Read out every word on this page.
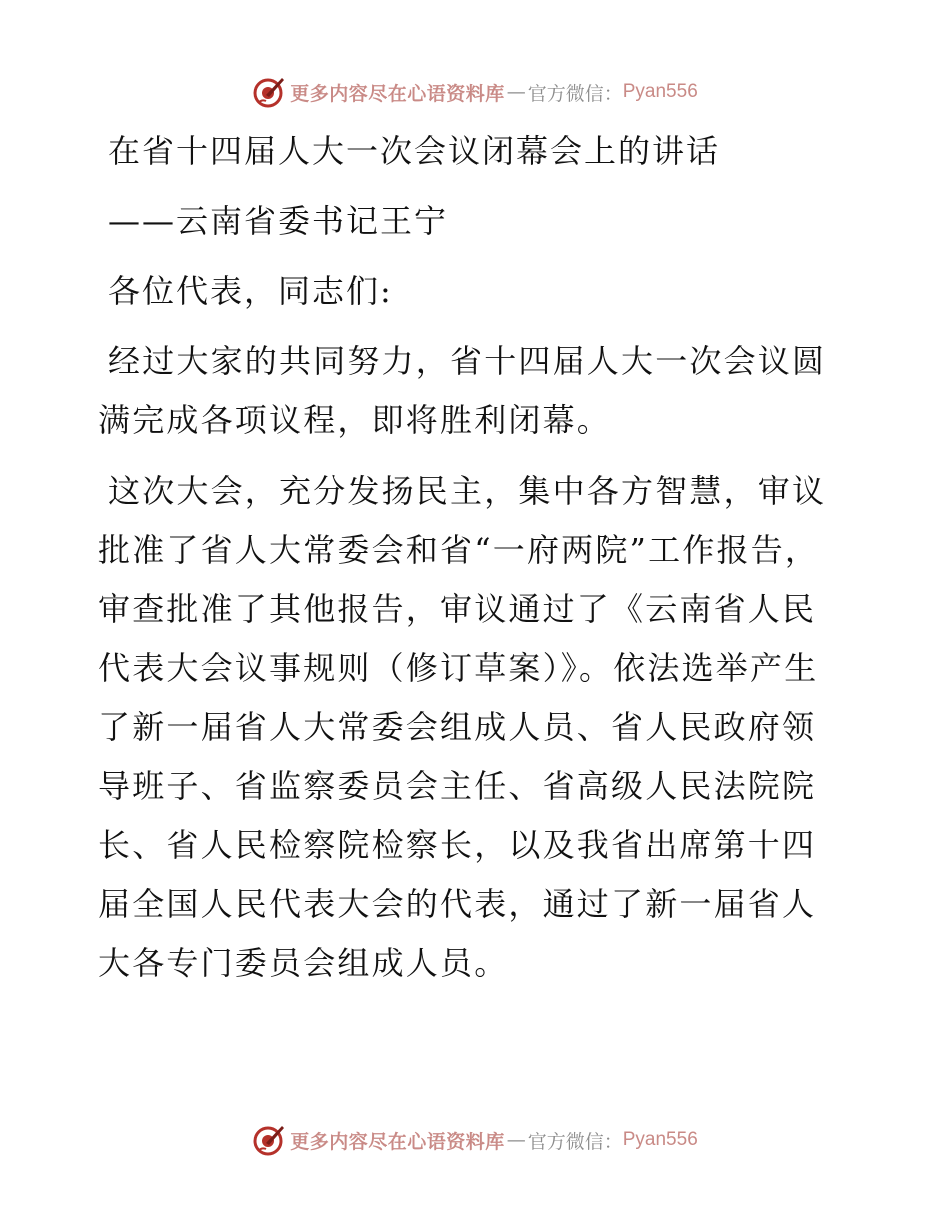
更多内容尽在心语资料库 — 官方微信： Pyan556

在省十四届人大一次会议闭幕会上的讲话

——云南省委书记王宁

各位代表，同志们:

经过大家的共同努力，省十四届人大一次会议圆满完成各项议程，即将胜利闭幕。

这次大会，充分发扬民主，集中各方智慧，审议批准了省人大常委会和省“一府两院”工作报告，审查批准了其他报告，审议通过了《云南省人民代表大会议事规则（修订草案）》。依法选举产生了新一届省人大常委会组成人员、省人民政府领导班子、省监察委员会主任、省高级人民法院院长、省人民检察院检察长，以及我省出席第十四届全国人民代表大会的代表，通过了新一届省人大各专门委员会组成人员。

更多内容尽在心语资料库 — 官方微信： Pyan556
